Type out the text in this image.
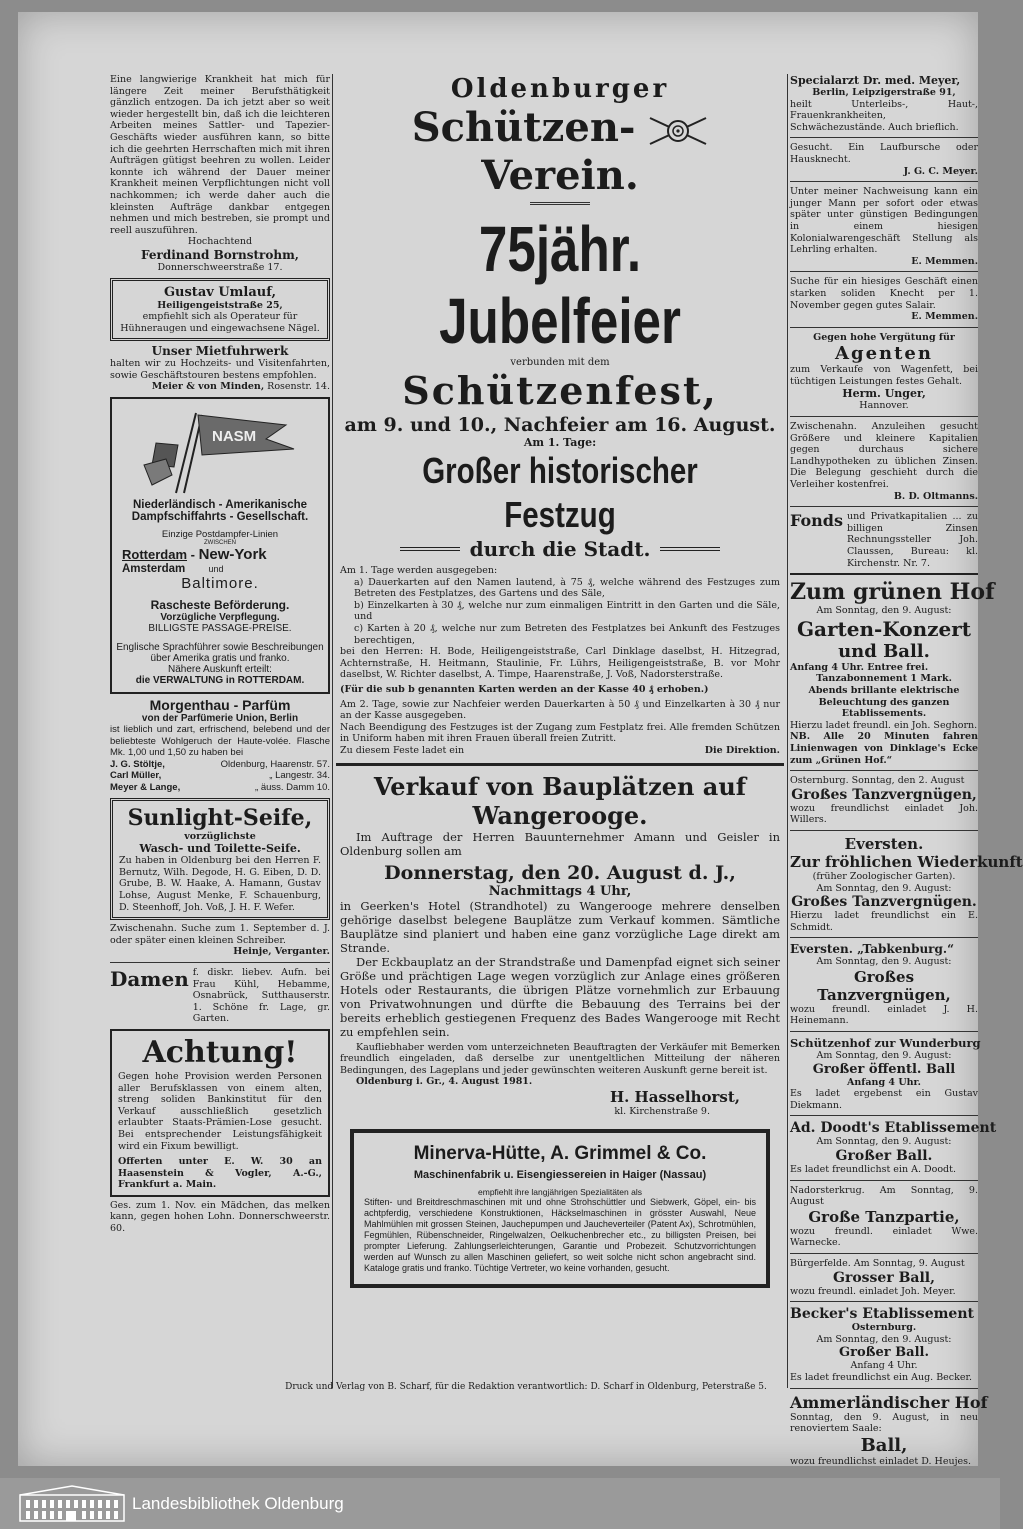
Eine langwierige Krankheit hat mich für längere Zeit meiner Berufsthätigkeit gänzlich entzogen. Da ich jetzt aber so weit wieder hergestellt bin, daß ich die leichteren Arbeiten meines Sattler- und Tapezier-Geschäfts wieder ausführen kann, so bitte ich die geehrten Herrschaften mich mit ihren Aufträgen gütigst beehren zu wollen. Leider konnte ich während der Dauer meiner Krankheit meinen Verpflichtungen nicht voll nachkommen; ich werde daher auch die kleinsten Aufträge dankbar entgegen nehmen und mich bestreben, sie prompt und reell auszuführen.

Hochachtend

Ferdinand Bornstrohm,

Donnerschweerstraße 17.

Gustav Umlauf,

Heiligengeiststraße 25,

empfiehlt sich als Operateur für Hühneraugen und eingewachsene Nägel.

Unser Mietfuhrwerk

halten wir zu Hochzeits- und Visitenfahrten, sowie Geschäftstouren bestens empfohlen.

Meier & von Minden, Rosenstr. 14.

NASM

Niederländisch - Amerikanische Dampfschiffahrts - Gesellschaft.

Einzige Postdampfer-Linien

ZWISCHEN

Rotterdam - New-York

Amsterdam	und

Baltimore.

Rascheste Beförderung.

Vorzügliche Verpflegung.

BILLIGSTE PASSAGE-PREISE.

Englische Sprachführer sowie Beschreibungen über Amerika gratis und franko.

Nähere Auskunft erteilt:

die VERWALTUNG in ROTTERDAM.

Morgenthau - Parfüm

von der Parfümerie Union, Berlin

ist lieblich und zart, erfrischend, belebend und der beliebteste Wohlgeruch der Haute-volée. Flasche Mk. 1,00 und 1,50 zu haben bei

J. G. Stöltje,	Oldenburg, Haarenstr. 57.

Carl Müller,	„ Langestr. 34.

Meyer & Lange,	„ äuss. Damm 10.

Sunlight-Seife,

vorzüglichste

Wasch- und Toilette-Seife.

Zu haben in Oldenburg bei den Herren F. Bernutz, Wilh. Degode, H. G. Eiben, D. D. Grube, B. W. Haake, A. Hamann, Gustav Lohse, August Menke, F. Schauenburg, D. Steenhoff, Joh. Voß, J. H. F. Wefer.

Zwischenahn. Suche zum 1. September d. J. oder später einen kleinen Schreiber.

Heinje, Verganter.

Damen f. diskr. liebev. Aufn. bei Frau Kühl, Hebamme, Osnabrück, Sutthauserstr. 1. Schöne fr. Lage, gr. Garten.

Achtung!

Gegen hohe Provision werden Personen aller Berufsklassen von einem alten, streng soliden Bankinstitut für den Verkauf ausschließlich gesetzlich erlaubter Staats-Prämien-Lose gesucht. Bei entsprechender Leistungsfähigkeit wird ein Fixum bewilligt.

Offerten unter E. W. 30 an Haasenstein & Vogler, A.-G., Frankfurt a. Main.

Ges. zum 1. Nov. ein Mädchen, das melken kann, gegen hohen Lohn. Donnerschweerstr. 60.

Oldenburger

Schützen-  Verein.

75jähr. Jubelfeier

verbunden mit dem

Schützenfest,

am 9. und 10., Nachfeier am 16. August.

Am 1. Tage:

Großer historischer Festzug

durch die Stadt.

Am 1. Tage werden ausgegeben:

a) Dauerkarten auf den Namen lautend, à 75 ₰, welche während des Festzuges zum Betreten des Festplatzes, des Gartens und des Säle,

b) Einzelkarten à 30 ₰, welche nur zum einmaligen Eintritt in den Garten und die Säle, und

c) Karten à 20 ₰, welche nur zum Betreten des Festplatzes bei Ankunft des Festzuges berechtigen,

bei den Herren: H. Bode, Heiligengeiststraße, Carl Dinklage daselbst, H. Hitzegrad, Achternstraße, H. Heitmann, Staulinie, Fr. Lührs, Heiligengeiststraße, B. vor Mohr daselbst, W. Richter daselbst, A. Timpe, Haarenstraße, J. Voß, Nadorsterstraße.

(Für die sub b genannten Karten werden an der Kasse 40 ₰ erhoben.)

Am 2. Tage, sowie zur Nachfeier werden Dauerkarten à 50 ₰ und Einzelkarten à 30 ₰ nur an der Kasse ausgegeben.

Nach Beendigung des Festzuges ist der Zugang zum Festplatz frei. Alle fremden Schützen in Uniform haben mit ihren Frauen überall freien Zutritt.

Zu diesem Feste ladet ein	Die Direktion.

Verkauf von Bauplätzen auf

Wangerooge.

Im Auftrage der Herren Bauunternehmer Amann und Geisler in Oldenburg sollen am

Donnerstag, den 20. August d. J.,

Nachmittags 4 Uhr,

in Geerken's Hotel (Strandhotel) zu Wangerooge mehrere denselben gehörige daselbst belegene Bauplätze zum Verkauf kommen. Sämtliche Bauplätze sind planiert und haben eine ganz vorzügliche Lage direkt am Strande.

Der Eckbauplatz an der Strandstraße und Damenpfad eignet sich seiner Größe und prächtigen Lage wegen vorzüglich zur Anlage eines größeren Hotels oder Restaurants, die übrigen Plätze vornehmlich zur Erbauung von Privatwohnungen und dürfte die Bebauung des Terrains bei der bereits erheblich gestiegenen Frequenz des Bades Wangerooge mit Recht zu empfehlen sein.

Kaufliebhaber werden vom unterzeichneten Beauftragten der Verkäufer mit Bemerken freundlich eingeladen, daß derselbe zur unentgeltlichen Mitteilung der näheren Bedingungen, des Lageplans und jeder gewünschten weiteren Auskunft gerne bereit ist.

Oldenburg i. Gr., 4. August 1981.

H. Hasselhorst,

kl. Kirchenstraße 9.

Minerva-Hütte, A. Grimmel & Co.

Maschinenfabrik u. Eisengiessereien in Haiger (Nassau)

empfiehlt ihre langjährigen Spezialitäten als

Stiften- und Breitdreschmaschinen mit und ohne Strohschüttler und Siebwerk, Göpel, ein- bis achtpferdig, verschiedene Konstruktionen, Häckselmaschinen in grösster Auswahl, Neue Mahlmühlen mit grossen Steinen, Jauchepumpen und Jaucheverteiler (Patent Ax), Schrotmühlen, Fegmühlen, Rübenschneider, Ringelwalzen, Oelkuchenbrecher etc., zu billigsten Preisen, bei prompter Lieferung. Zahlungserleichterungen, Garantie und Probezeit. Schutzvorrichtungen werden auf Wunsch zu allen Maschinen geliefert, so weit solche nicht schon angebracht sind. Kataloge gratis und franko. Tüchtige Vertreter, wo keine vorhanden, gesucht.

Specialarzt Dr. med. Meyer,

Berlin, Leipzigerstraße 91,

heilt Unterleibs-, Haut-, Frauenkrankheiten, Schwächezustände. Auch brieflich.

Gesucht. Ein Laufbursche oder Hausknecht.

J. G. C. Meyer.

Unter meiner Nachweisung kann ein junger Mann per sofort oder etwas später unter günstigen Bedingungen in einem hiesigen Kolonialwarengeschäft Stellung als Lehrling erhalten.

E. Memmen.

Suche für ein hiesiges Geschäft einen starken soliden Knecht per 1. November gegen gutes Salair.

E. Memmen.

Gegen hohe Vergütung für

Agenten

zum Verkaufe von Wagenfett, bei tüchtigen Leistungen festes Gehalt.

Herm. Unger,

Hannover.

Zwischenahn. Anzuleihen gesucht Größere und kleinere Kapitalien gegen durchaus sichere Landhypotheken zu üblichen Zinsen. Die Belegung geschieht durch die Verleiher kostenfrei.

B. D. Oltmanns.

Fonds und Privatkapitalien ... zu billigen Zinsen Rechnungssteller Joh. Claussen, Bureau: kl. Kirchenstr. Nr. 7.

Zum grünen Hof

Am Sonntag, den 9. August:

Garten-Konzert

und Ball.

Anfang 4 Uhr. Entree frei.

Tanzabonnement 1 Mark.

Abends brillante elektrische Beleuchtung des ganzen Etablissements.

Hierzu ladet freundl. ein Joh. Seghorn.

NB. Alle 20 Minuten fahren Linienwagen von Dinklage's Ecke zum „Grünen Hof.“

Osternburg. Sonntag, den 2. August

Großes Tanzvergnügen,

wozu freundlichst einladet Joh. Willers.

Eversten.

Zur fröhlichen Wiederkunft

(früher Zoologischer Garten).

Am Sonntag, den 9. August:

Großes Tanzvergnügen.

Hierzu ladet freundlichst ein E. Schmidt.

Eversten. „Tabkenburg.“

Am Sonntag, den 9. August:

Großes Tanzvergnügen,

wozu freundl. einladet J. H. Heinemann.

Schützenhof zur Wunderburg

Am Sonntag, den 9. August:

Großer öffentl. Ball

Anfang 4 Uhr.

Es ladet ergebenst ein Gustav Diekmann.

Ad. Doodt's Etablissement

Am Sonntag, den 9. August:

Großer Ball.

Es ladet freundlichst ein A. Doodt.

Nadorsterkrug. Am Sonntag, 9. August

Große Tanzpartie,

wozu freundl. einladet Wwe. Warnecke.

Bürgerfelde. Am Sonntag, 9. August

Grosser Ball,

wozu freundl. einladet Joh. Meyer.

Becker's Etablissement

Osternburg.

Am Sonntag, den 9. August:

Großer Ball.

Anfang 4 Uhr.

Es ladet freundlichst ein Aug. Becker.

Ammerländischer Hof

Sonntag, den 9. August, in neu renoviertem Saale:

Ball,

wozu freundlichst einladet D. Heujes.

Druck und Verlag von B. Scharf, für die Redaktion verantwortlich: D. Scharf in Oldenburg, Peterstraße 5.

Landesbibliothek Oldenburg
